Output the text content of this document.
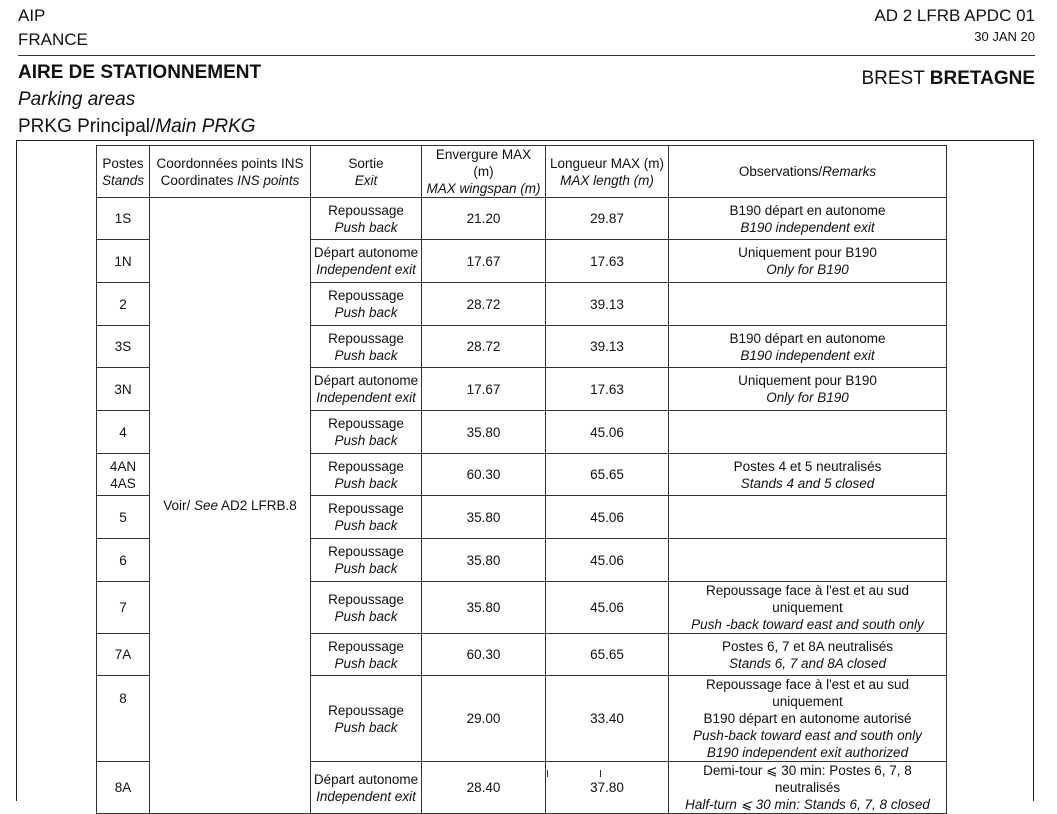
AIP
FRANCE
AD 2 LFRB APDC 01
30 JAN 20
AIRE DE STATIONNEMENT
Parking areas
PRKG Principal/Main PRKG
BREST BRETAGNE
Postes
Stands	Coordonnées points INS
Coordinates INS points	Sortie
Exit	Envergure MAX (m)
MAX wingspan (m)	Longueur MAX (m)
MAX length (m)	Observations/Remarks

1S	Voir/ See AD2 LFRB.8	Repoussage
Push back	21.20	29.87	B190 départ en autonome
B190 independent exit

1N		Départ autonome
Independent exit	17.67	17.63	Uniquement pour B190
Only for B190

2		Repoussage
Push back	28.72	39.13	

3S		Repoussage
Push back	28.72	39.13	B190 départ en autonome
B190 independent exit

3N		Départ autonome
Independent exit	17.67	17.63	Uniquement pour B190
Only for B190

4		Repoussage
Push back	35.80	45.06	

4AN
4AS		Repoussage
Push back	60.30	65.65	Postes 4 et 5 neutralisés
Stands 4 and 5 closed

5		Repoussage
Push back	35.80	45.06	

6		Repoussage
Push back	35.80	45.06	

7		Repoussage
Push back	35.80	45.06	Repoussage face à l'est et au sud uniquement
Push -back toward east and south only

7A		Repoussage
Push back	60.30	65.65	Postes 6, 7 et 8A neutralisés
Stands 6, 7 and 8A closed

8		Repoussage
Push back	29.00	33.40	Repoussage face à l'est et au sud uniquement
B190 départ en autonome autorisé
Push-back toward east and south only
B190 independent exit authorized

8A		Départ autonome
Independent exit	28.40	37.80	Demi-tour ⩽ 30 min: Postes 6, 7, 8 neutralisés
Half-turn ⩽ 30 min: Stands 6, 7, 8 closed
